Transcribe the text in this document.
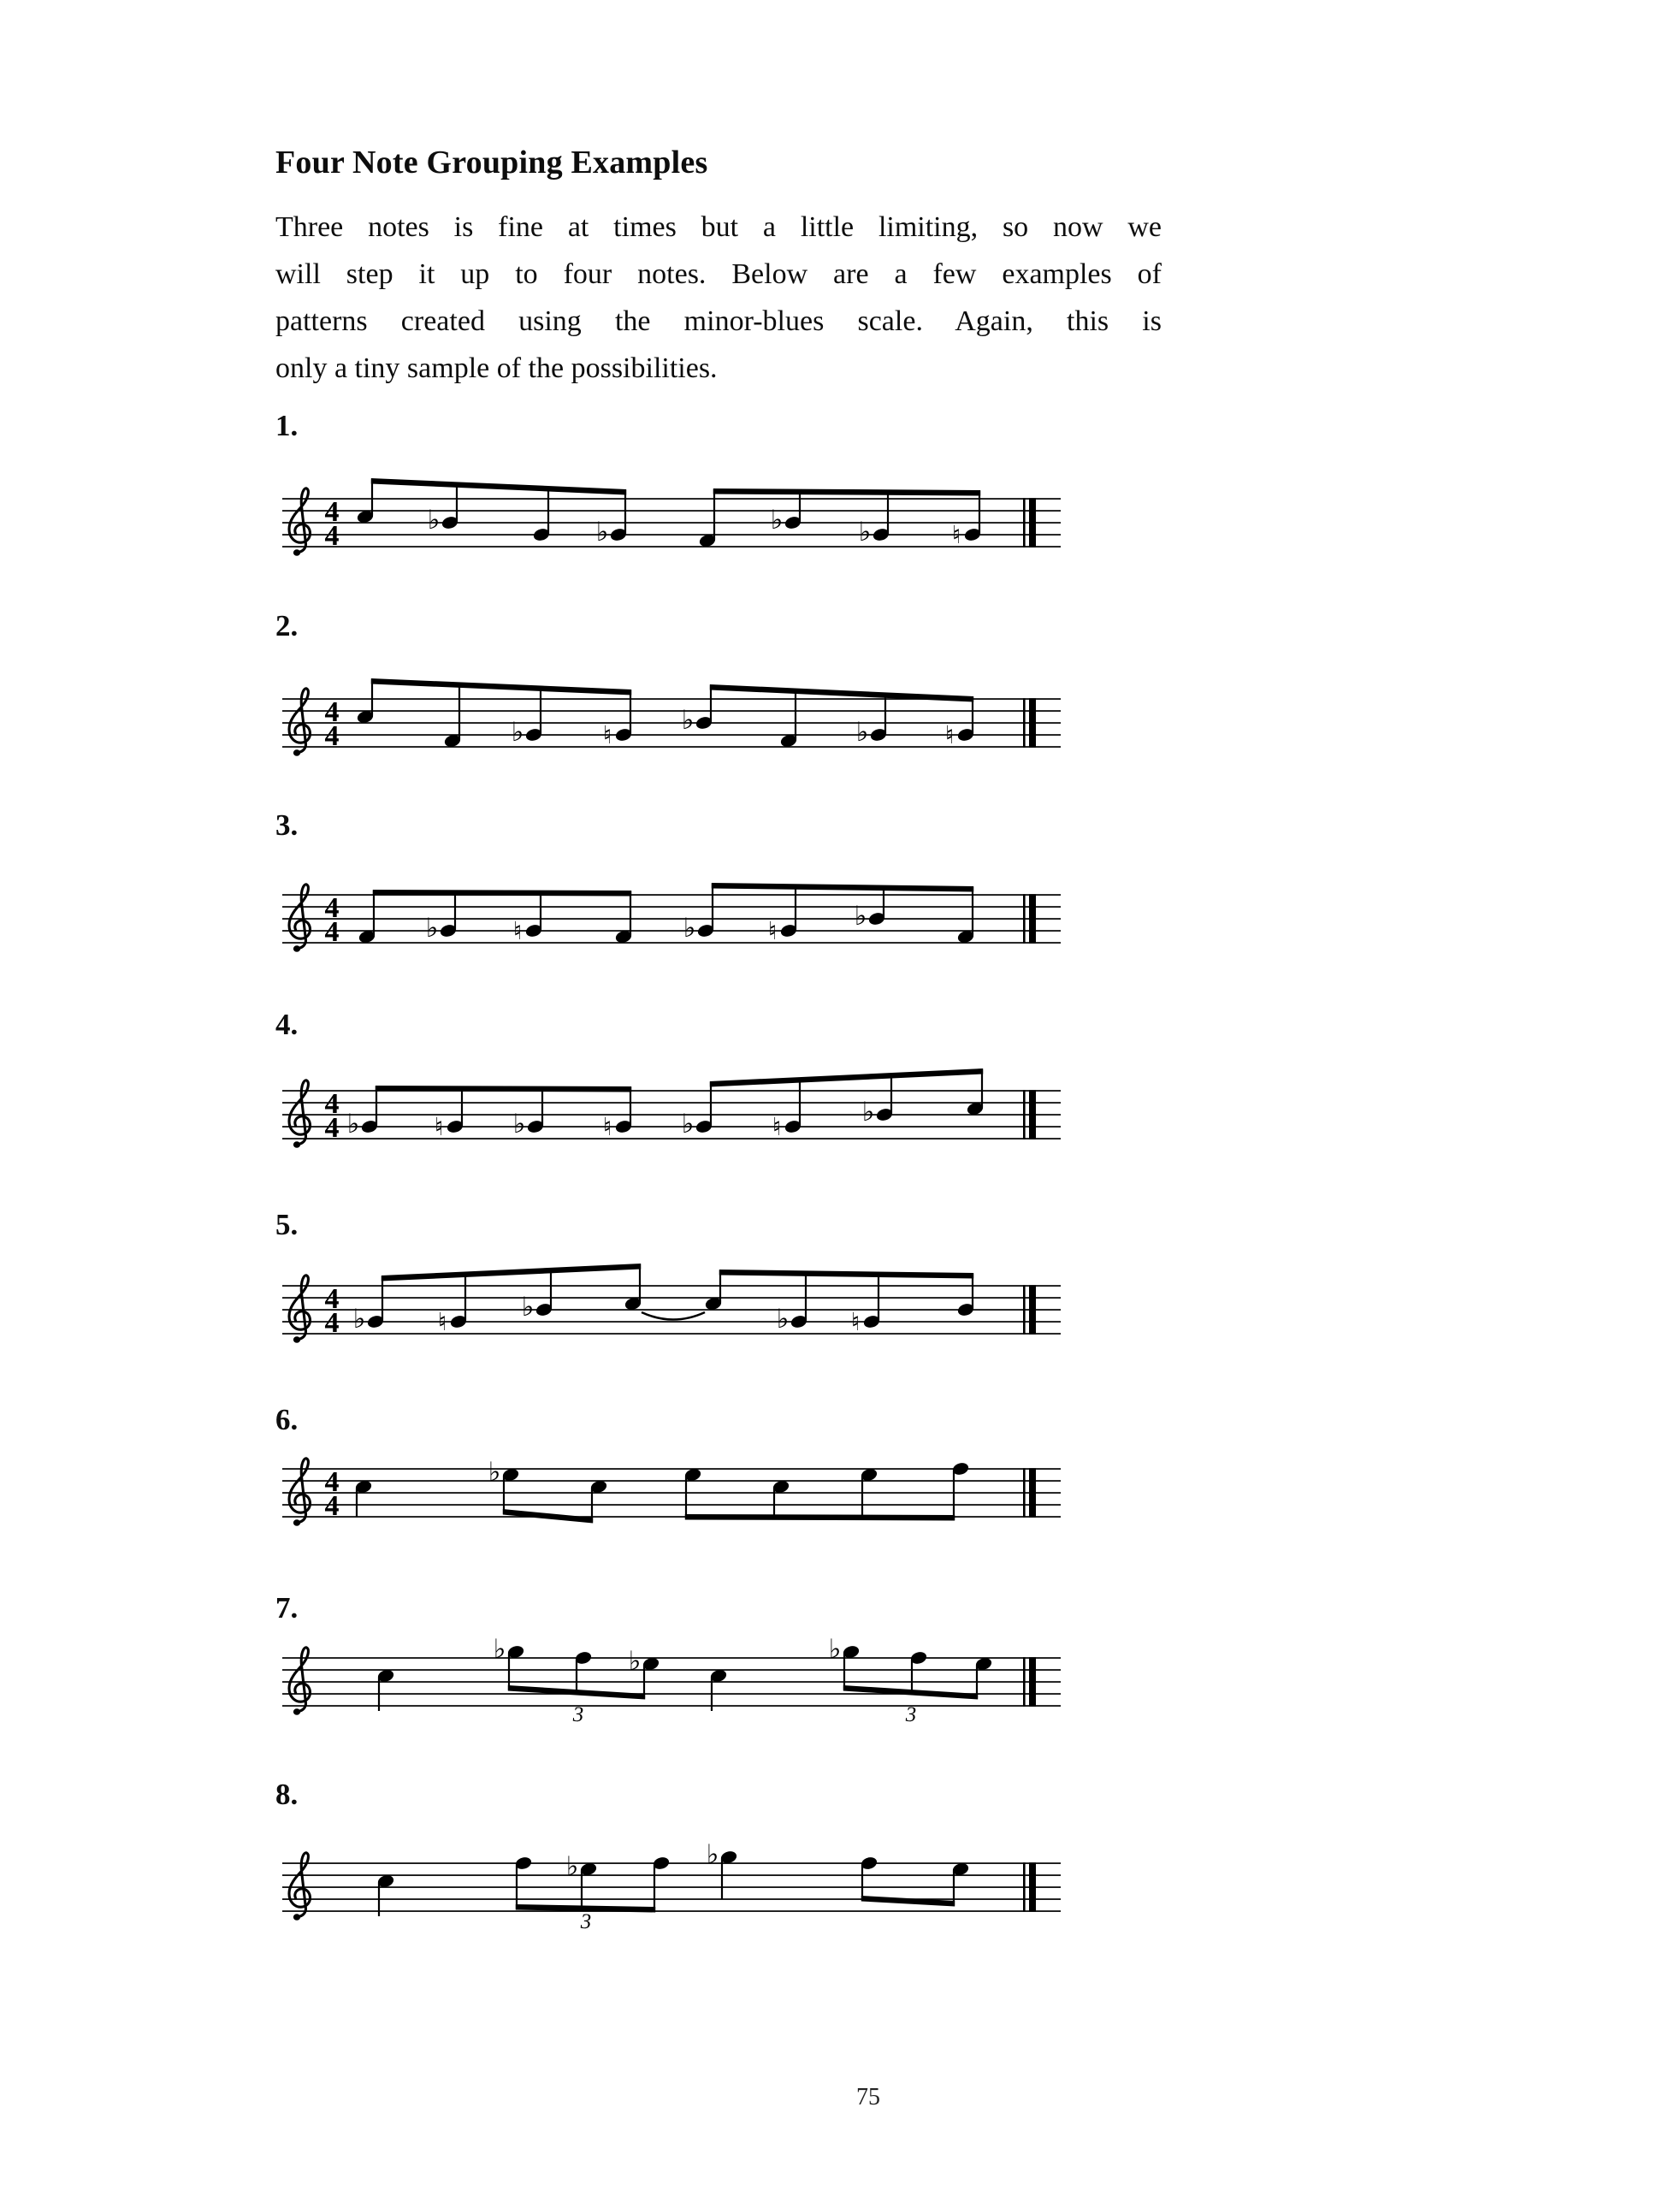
Four Note Grouping Examples
Three notes is fine at times but a little limiting, so now we
will step it up to four notes. Below are a few examples of
patterns created using the minor-blues scale. Again, this is
only a tiny sample of the possibilities.
1.
4
4	♭	♭	♭	♭	♮
2.
4
4	♭	♮	♭	♭	♮
3.
4
4	♭	♮	♭	♮	♭
4.
4
4 ♭	♮	♭	♮	♭	♮	♭
5.
4
4 ♭	♮	♭	♭	♮
6.
4
4
♭
7.
3	3
♭	♭	♭
8.
3
♭	♭
75
